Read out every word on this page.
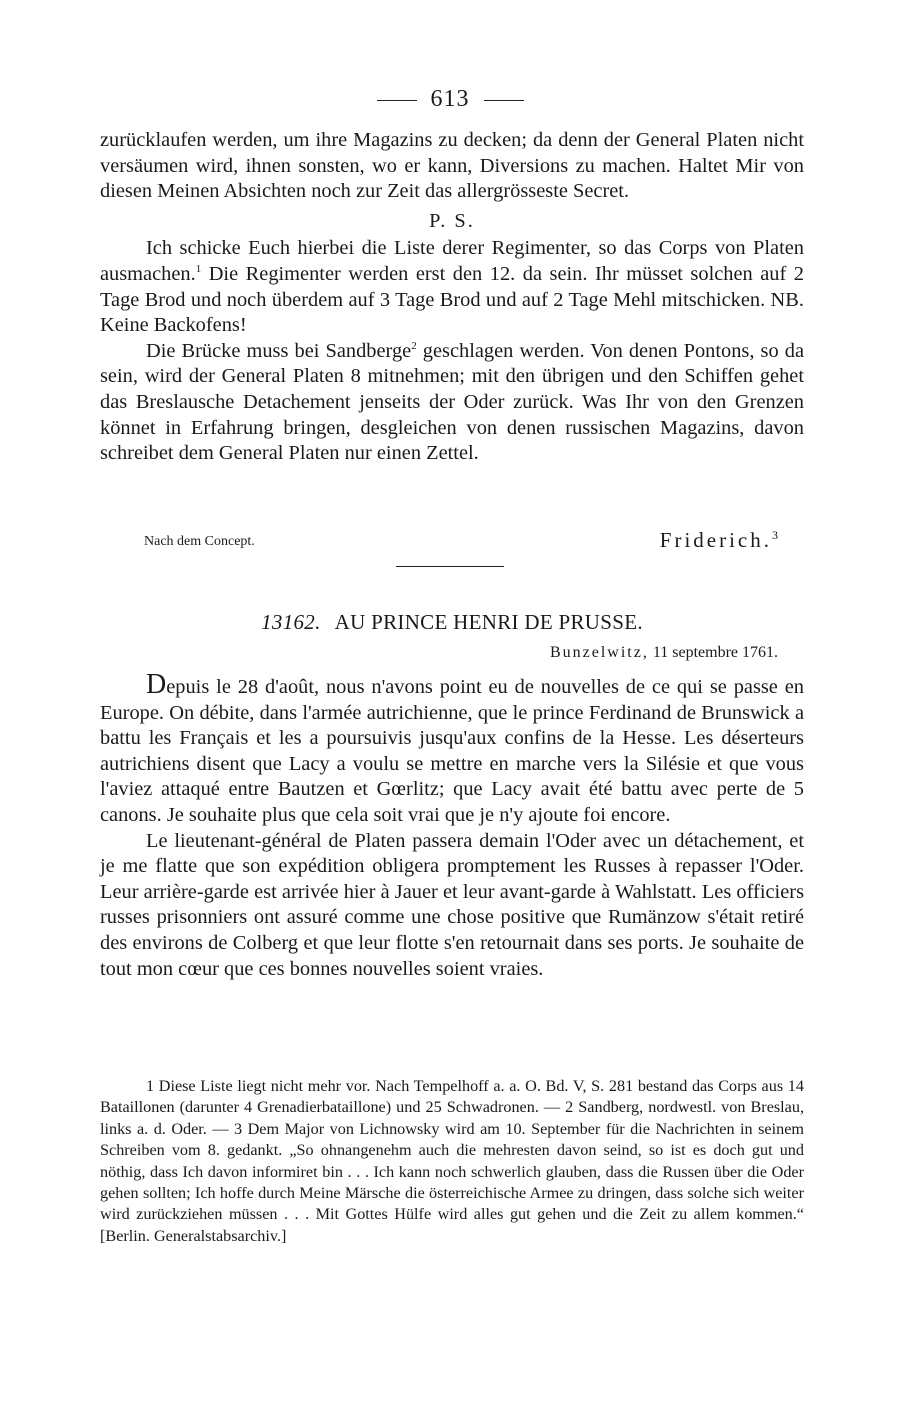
613

zurücklaufen werden, um ihre Magazins zu decken; da denn der General Platen nicht versäumen wird, ihnen sonsten, wo er kann, Diversions zu machen. Haltet Mir von diesen Meinen Absichten noch zur Zeit das allergrösseste Secret.

P. S.

Ich schicke Euch hierbei die Liste derer Regimenter, so das Corps von Platen ausmachen.$^1$ Die Regimenter werden erst den 12. da sein. Ihr müsset solchen auf 2 Tage Brod und noch überdem auf 3 Tage Brod und auf 2 Tage Mehl mitschicken. NB. Keine Backofens!

Die Brücke muss bei Sandberge$^2$ geschlagen werden. Von denen Pontons, so da sein, wird der General Platen 8 mitnehmen; mit den übrigen und den Schiffen gehet das Breslausche Detachement jenseits der Oder zurück. Was Ihr von den Grenzen könnet in Erfahrung bringen, desgleichen von denen russischen Magazins, davon schreibet dem General Platen nur einen Zettel.

Nach dem Concept.	Friderich.$^3$
13162. AU PRINCE HENRI DE PRUSSE.
Bunzelwitz, 11 septembre 1761.

Depuis le 28 d'août, nous n'avons point eu de nouvelles de ce qui se passe en Europe. On débite, dans l'armée autrichienne, que le prince Ferdinand de Brunswick a battu les Français et les a poursuivis jusqu'aux confins de la Hesse. Les déserteurs autrichiens disent que Lacy a voulu se mettre en marche vers la Silésie et que vous l'aviez attaqué entre Bautzen et Gœrlitz; que Lacy avait été battu avec perte de 5 canons. Je souhaite plus que cela soit vrai que je n'y ajoute foi encore.

Le lieutenant-général de Platen passera demain l'Oder avec un détachement, et je me flatte que son expédition obligera promptement les Russes à repasser l'Oder. Leur arrière-garde est arrivée hier à Jauer et leur avant-garde à Wahlstatt. Les officiers russes prisonniers ont assuré comme une chose positive que Rumänzow s'était retiré des environs de Colberg et que leur flotte s'en retournait dans ses ports. Je souhaite de tout mon cœur que ces bonnes nouvelles soient vraies.

1 Diese Liste liegt nicht mehr vor. Nach Tempelhoff a. a. O. Bd. V, S. 281 bestand das Corps aus 14 Bataillonen (darunter 4 Grenadierbataillone) und 25 Schwadronen. — 2 Sandberg, nordwestl. von Breslau, links a. d. Oder. — 3 Dem Major von Lichnowsky wird am 10. September für die Nachrichten in seinem Schreiben vom 8. gedankt. „So ohnangenehm auch die mehresten davon seind, so ist es doch gut und nöthig, dass Ich davon informiret bin . . . Ich kann noch schwerlich glauben, dass die Russen über die Oder gehen sollten; Ich hoffe durch Meine Märsche die österreichische Armee zu dringen, dass solche sich weiter wird zurückziehen müssen . . . Mit Gottes Hülfe wird alles gut gehen und die Zeit zu allem kommen.“ [Berlin. Generalstabsarchiv.]
